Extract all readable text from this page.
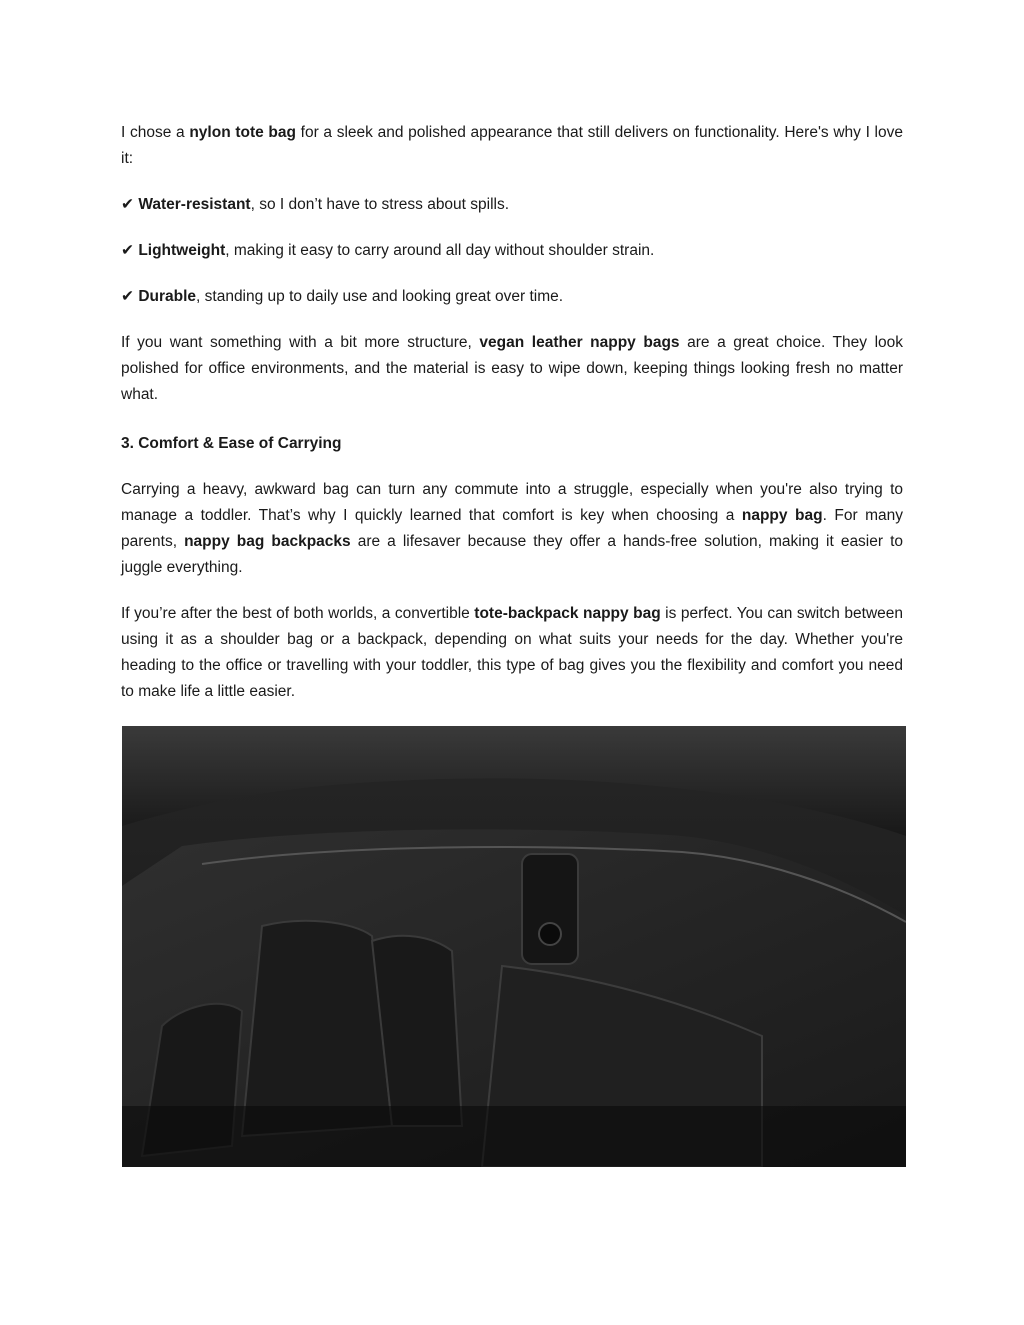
I chose a nylon tote bag for a sleek and polished appearance that still delivers on functionality. Here's why I love it:

✔ Water-resistant, so I don’t have to stress about spills.

✔ Lightweight, making it easy to carry around all day without shoulder strain.

✔ Durable, standing up to daily use and looking great over time.

If you want something with a bit more structure, vegan leather nappy bags are a great choice. They look polished for office environments, and the material is easy to wipe down, keeping things looking fresh no matter what.

3. Comfort & Ease of Carrying

Carrying a heavy, awkward bag can turn any commute into a struggle, especially when you're also trying to manage a toddler. That’s why I quickly learned that comfort is key when choosing a nappy bag. For many parents, nappy bag backpacks are a lifesaver because they offer a hands-free solution, making it easier to juggle everything.

If you’re after the best of both worlds, a convertible tote-backpack nappy bag is perfect. You can switch between using it as a shoulder bag or a backpack, depending on what suits your needs for the day. Whether you're heading to the office or travelling with your toddler, this type of bag gives you the flexibility and comfort you need to make life a little easier.
